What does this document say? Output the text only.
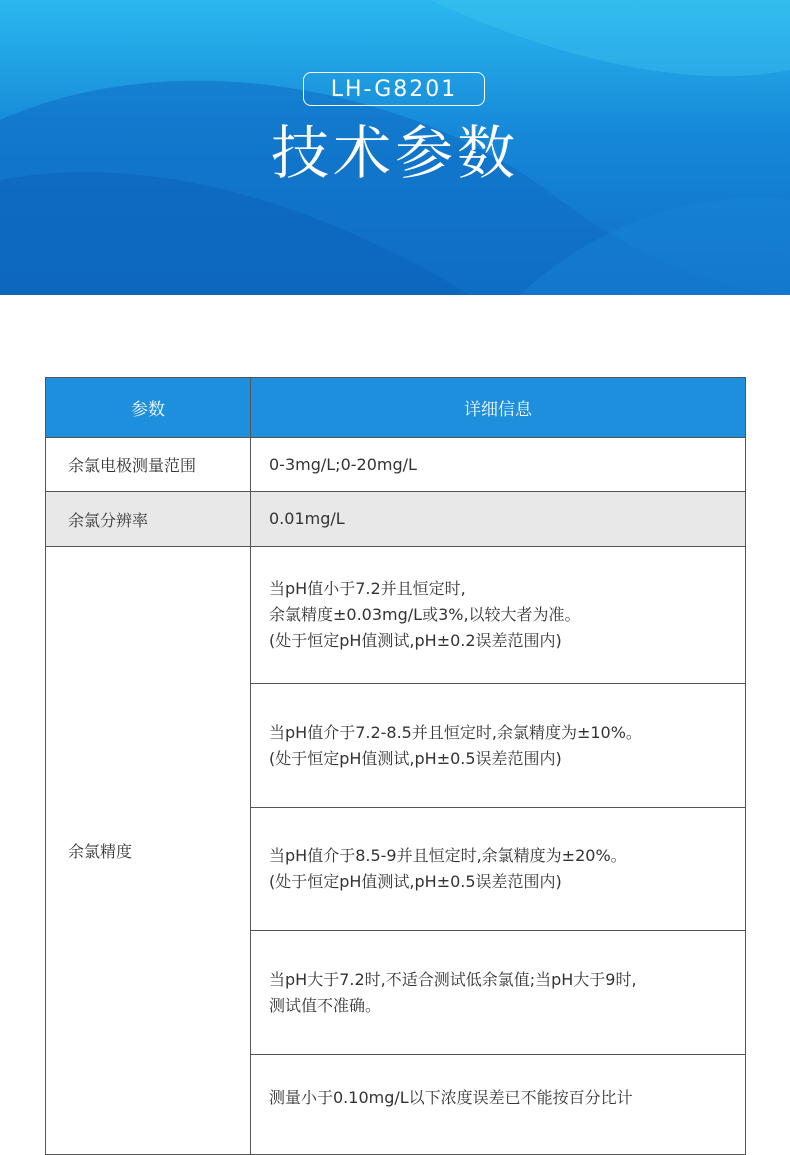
LH-G8201
技术参数
参数	详细信息
余氯电极测量范围	0-3mg/L;0-20mg/L
余氯分辨率	0.01mg/L
余氯精度	当pH值小于7.2并且恒定时,
余氯精度±0.03mg/L或3%,以较大者为准。
(处于恒定pH值测试,pH±0.2误差范围内)

	当pH值介于7.2-8.5并且恒定时,余氯精度为±10%。
(处于恒定pH值测试,pH±0.5误差范围内)

	当pH值介于8.5-9并且恒定时,余氯精度为±20%。
(处于恒定pH值测试,pH±0.5误差范围内)

	当pH大于7.2时,不适合测试低余氯值;当pH大于9时,
测试值不准确。

	测量小于0.10mg/L以下浓度误差已不能按百分比计
